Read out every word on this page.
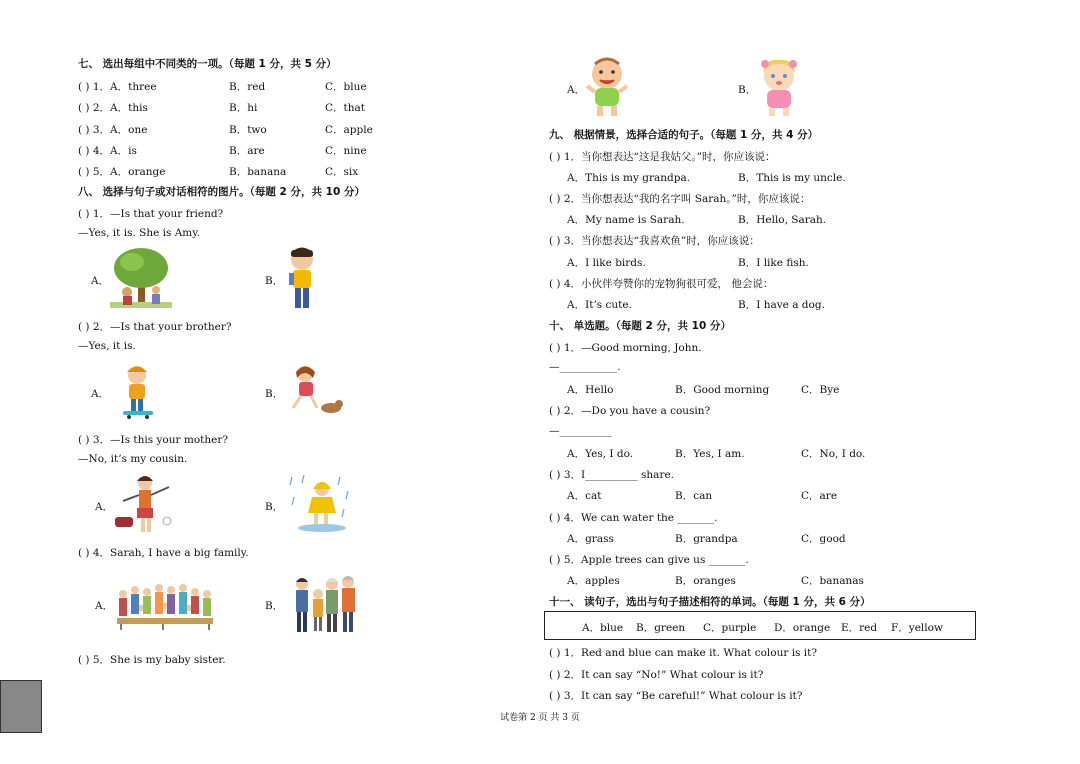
七、 选出每组中不同类的一项。（每题 1 分，共 5 分）
( ) 1．A．three	B．red	C．blue
( ) 2．A．this	B．hi	C．that
( ) 3．A．one	B．two	C．apple
( ) 4．A．is	B．are	C．nine
( ) 5．A．orange	B．banana	C．six
八、 选择与句子或对话相符的图片。（每题 2 分，共 10 分）
( ) 1．—Is that your friend?
—Yes, it is. She is Amy.
A．	B．
( ) 2．—Is that your brother?
—Yes, it is.
A．	B．
( ) 3．—Is this your mother?
—No, it’s my cousin.
A．	B．
( ) 4．Sarah, I have a big family.
A．	B．
( ) 5．She is my baby sister.
A．	B．
九、 根据情景，选择合适的句子。（每题 1 分，共 4 分）
( ) 1．当你想表达“这是我姑父。”时，你应该说：
A．This is my grandpa.	B．This is my uncle.
( ) 2．当你想表达“我的名字叫 Sarah。”时，你应该说：
A．My name is Sarah.	B．Hello, Sarah.
( ) 3．当你想表达“我喜欢鱼”时，你应该说：
A．I like birds.	B．I like fish.
( ) 4．小伙伴夸赞你的宠物狗很可爱， 他会说：
A．It’s cute.	B．I have a dog.
十、 单选题。（每题 2 分，共 10 分）
( ) 1．—Good morning, John.
—___________.
A．Hello	B．Good morning	C．Bye
( ) 2．—Do you have a cousin?
—__________
A．Yes, I do.	B．Yes, I am.	C．No, I do.
( ) 3．I__________ share.
A．cat	B．can	C．are
( ) 4．We can water the _______.
A．grass	B．grandpa	C．good
( ) 5．Apple trees can give us _______.
A．apples	B．oranges	C．bananas
十一、 读句子，选出与句子描述相符的单词。（每题 1 分，共 6 分）
A．blue B．green C．purple D．orange E．red F．yellow
( ) 1．Red and blue can make it. What colour is it?
( ) 2．It can say “No!” What colour is it?
( ) 3．It can say “Be careful!” What colour is it?
试卷第 2 页 共 3 页
